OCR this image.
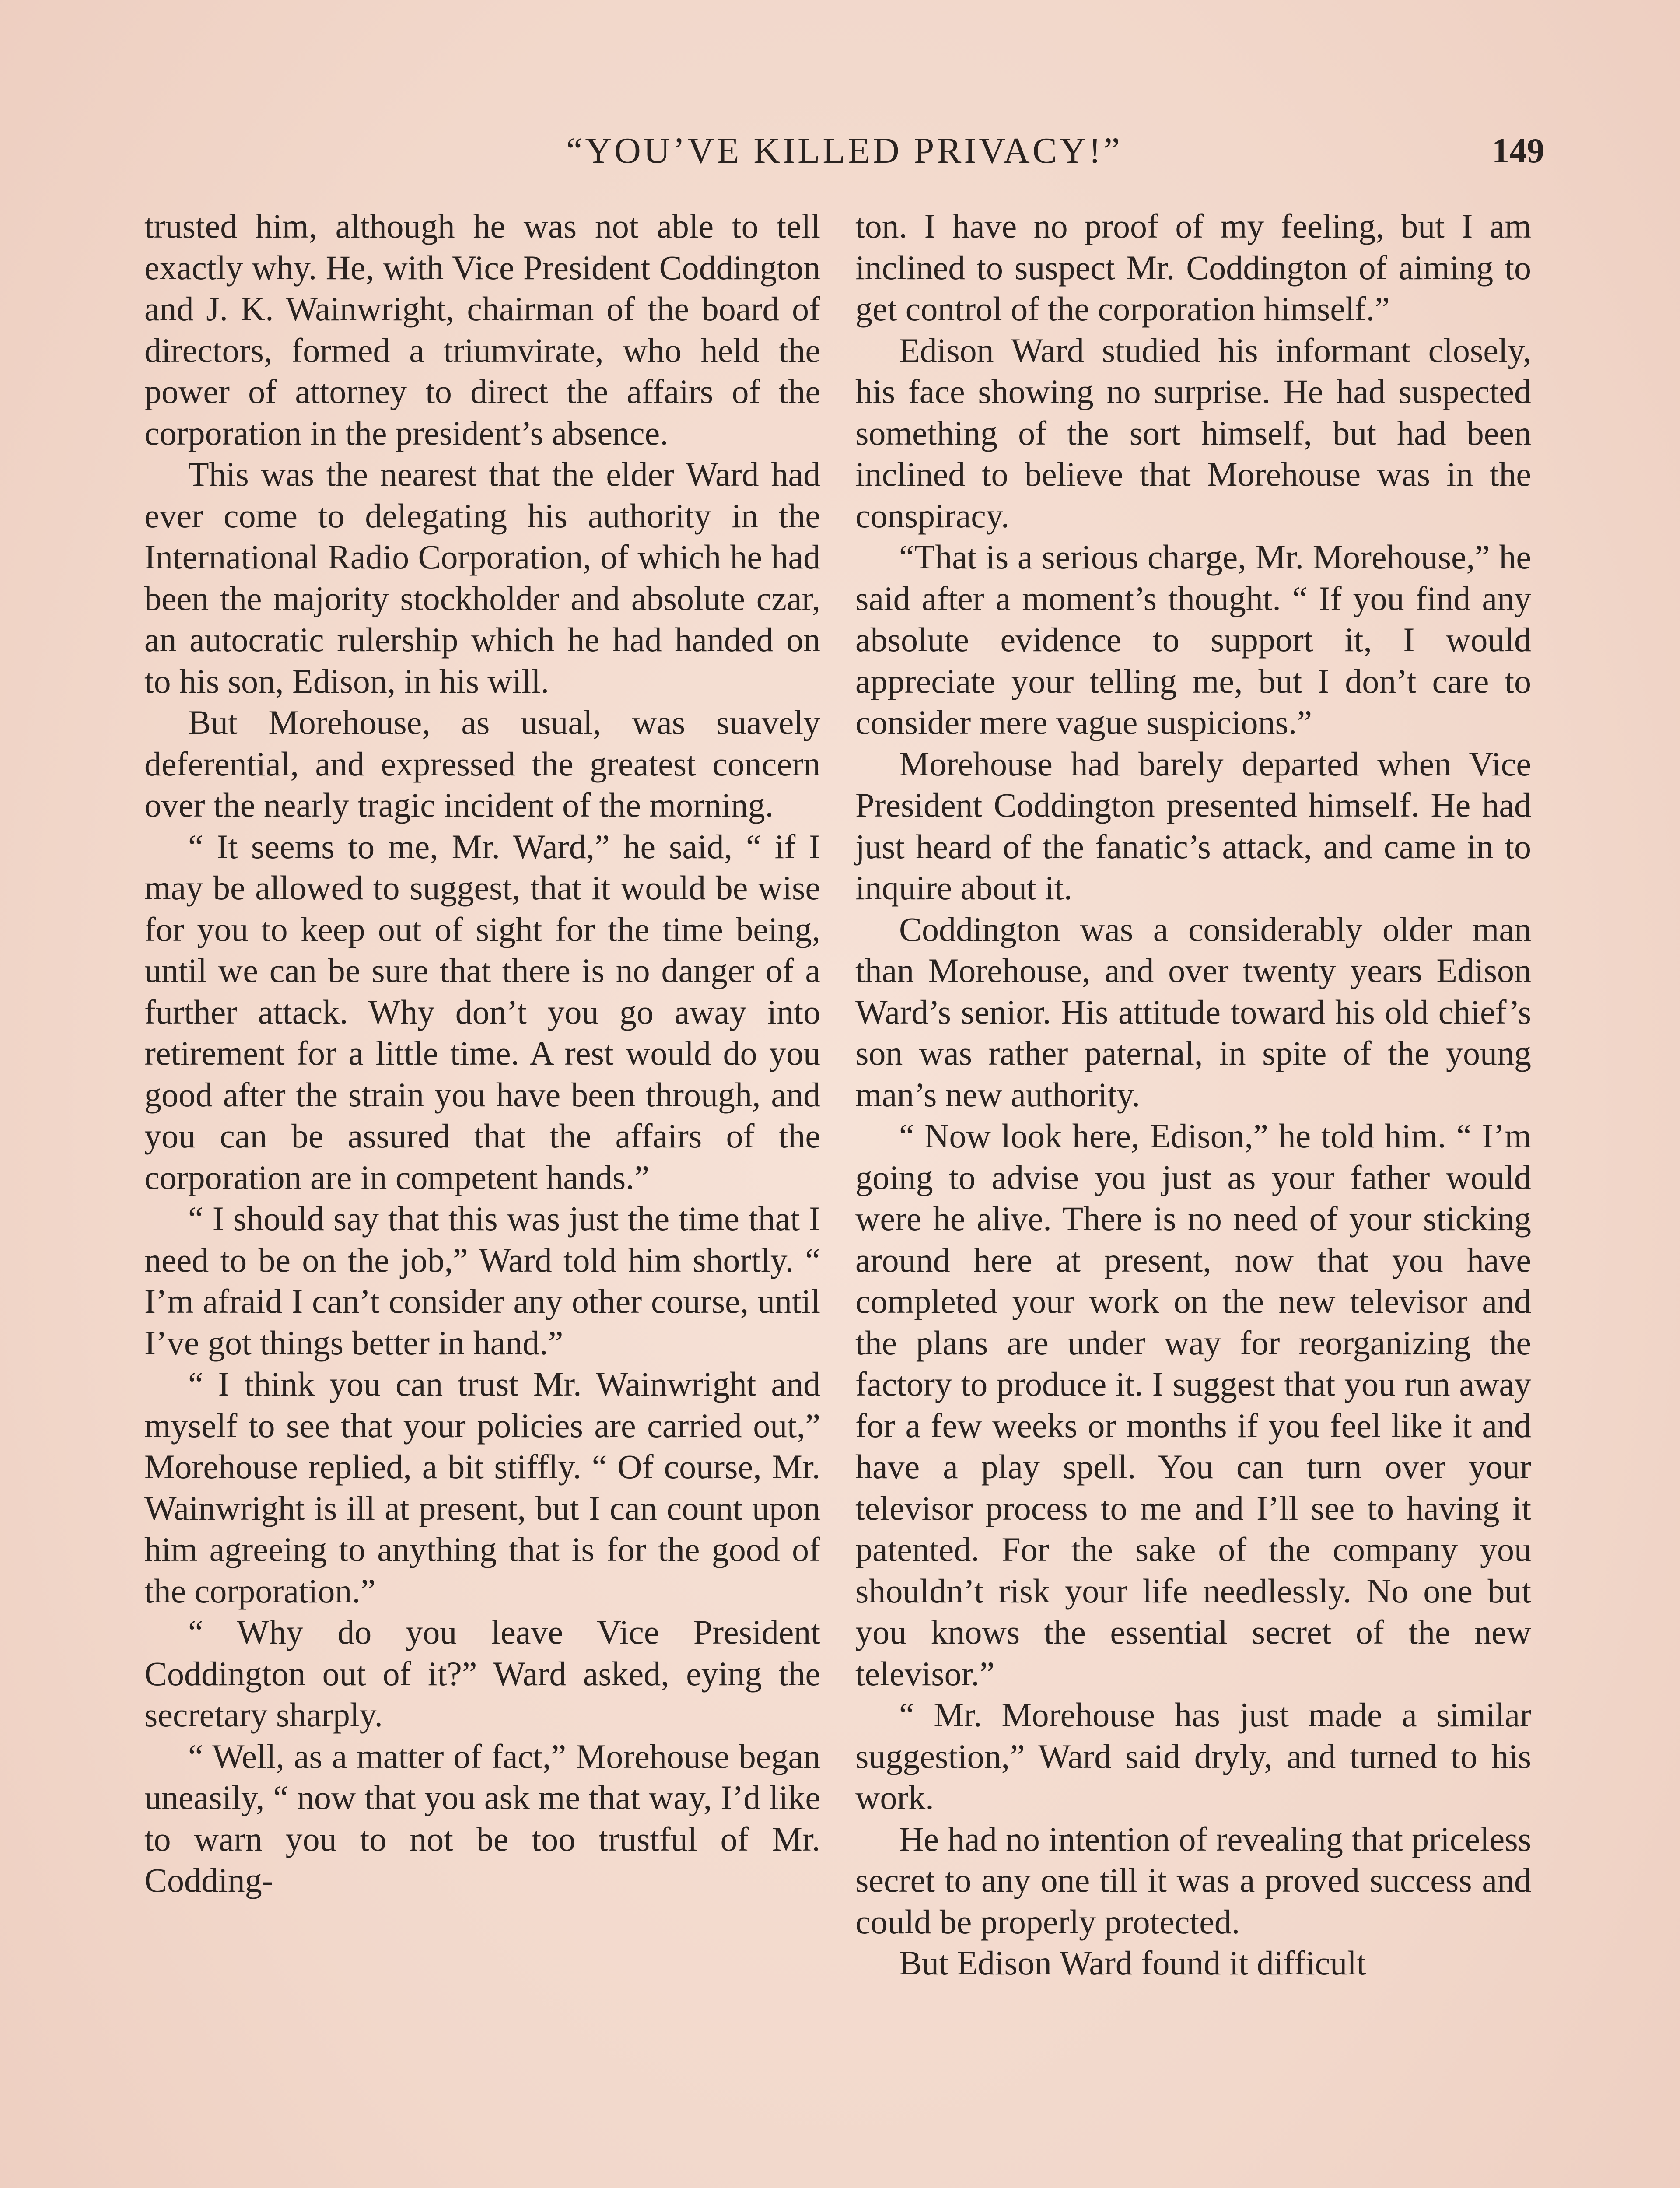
“YOU’VE KILLED PRIVACY!”	149

trusted him, although he was not able to tell exactly why. He, with Vice President Coddington and J. K. Wainwright, chairman of the board of directors, formed a triumvirate, who held the power of attorney to direct the affairs of the corporation in the president’s absence.

This was the nearest that the elder Ward had ever come to delegating his authority in the International Radio Corporation, of which he had been the majority stockholder and absolute czar, an autocratic rulership which he had handed on to his son, Edison, in his will.

But Morehouse, as usual, was suavely deferential, and expressed the greatest concern over the nearly tragic incident of the morning.

“ It seems to me, Mr. Ward,” he said, “ if I may be allowed to suggest, that it would be wise for you to keep out of sight for the time being, until we can be sure that there is no danger of a further attack. Why don’t you go away into retirement for a little time. A rest would do you good after the strain you have been through, and you can be assured that the affairs of the corporation are in competent hands.”

“ I should say that this was just the time that I need to be on the job,” Ward told him shortly. “ I’m afraid I can’t consider any other course, until I’ve got things better in hand.”

“ I think you can trust Mr. Wainwright and myself to see that your policies are carried out,” Morehouse replied, a bit stiffly. “ Of course, Mr. Wainwright is ill at present, but I can count upon him agreeing to anything that is for the good of the corporation.”

“ Why do you leave Vice President Coddington out of it?” Ward asked, eying the secretary sharply.

“ Well, as a matter of fact,” Morehouse began uneasily, “ now that you ask me that way, I’d like to warn you to not be too trustful of Mr. Codding-

ton. I have no proof of my feeling, but I am inclined to suspect Mr. Coddington of aiming to get control of the corporation himself.”

Edison Ward studied his informant closely, his face showing no surprise. He had suspected something of the sort himself, but had been inclined to believe that Morehouse was in the conspiracy.

“That is a serious charge, Mr. Morehouse,” he said after a moment’s thought. “ If you find any absolute evidence to support it, I would appreciate your telling me, but I don’t care to consider mere vague suspicions.”

Morehouse had barely departed when Vice President Coddington presented himself. He had just heard of the fanatic’s attack, and came in to inquire about it.

Coddington was a considerably older man than Morehouse, and over twenty years Edison Ward’s senior. His attitude toward his old chief’s son was rather paternal, in spite of the young man’s new authority.

“ Now look here, Edison,” he told him. “ I’m going to advise you just as your father would were he alive. There is no need of your sticking around here at present, now that you have completed your work on the new televisor and the plans are under way for reorganizing the factory to produce it. I suggest that you run away for a few weeks or months if you feel like it and have a play spell. You can turn over your televisor process to me and I’ll see to having it patented. For the sake of the company you shouldn’t risk your life needlessly. No one but you knows the essential secret of the new televisor.”

“ Mr. Morehouse has just made a similar suggestion,” Ward said dryly, and turned to his work.

He had no intention of revealing that priceless secret to any one till it was a proved success and could be properly protected.

But Edison Ward found it difficult
